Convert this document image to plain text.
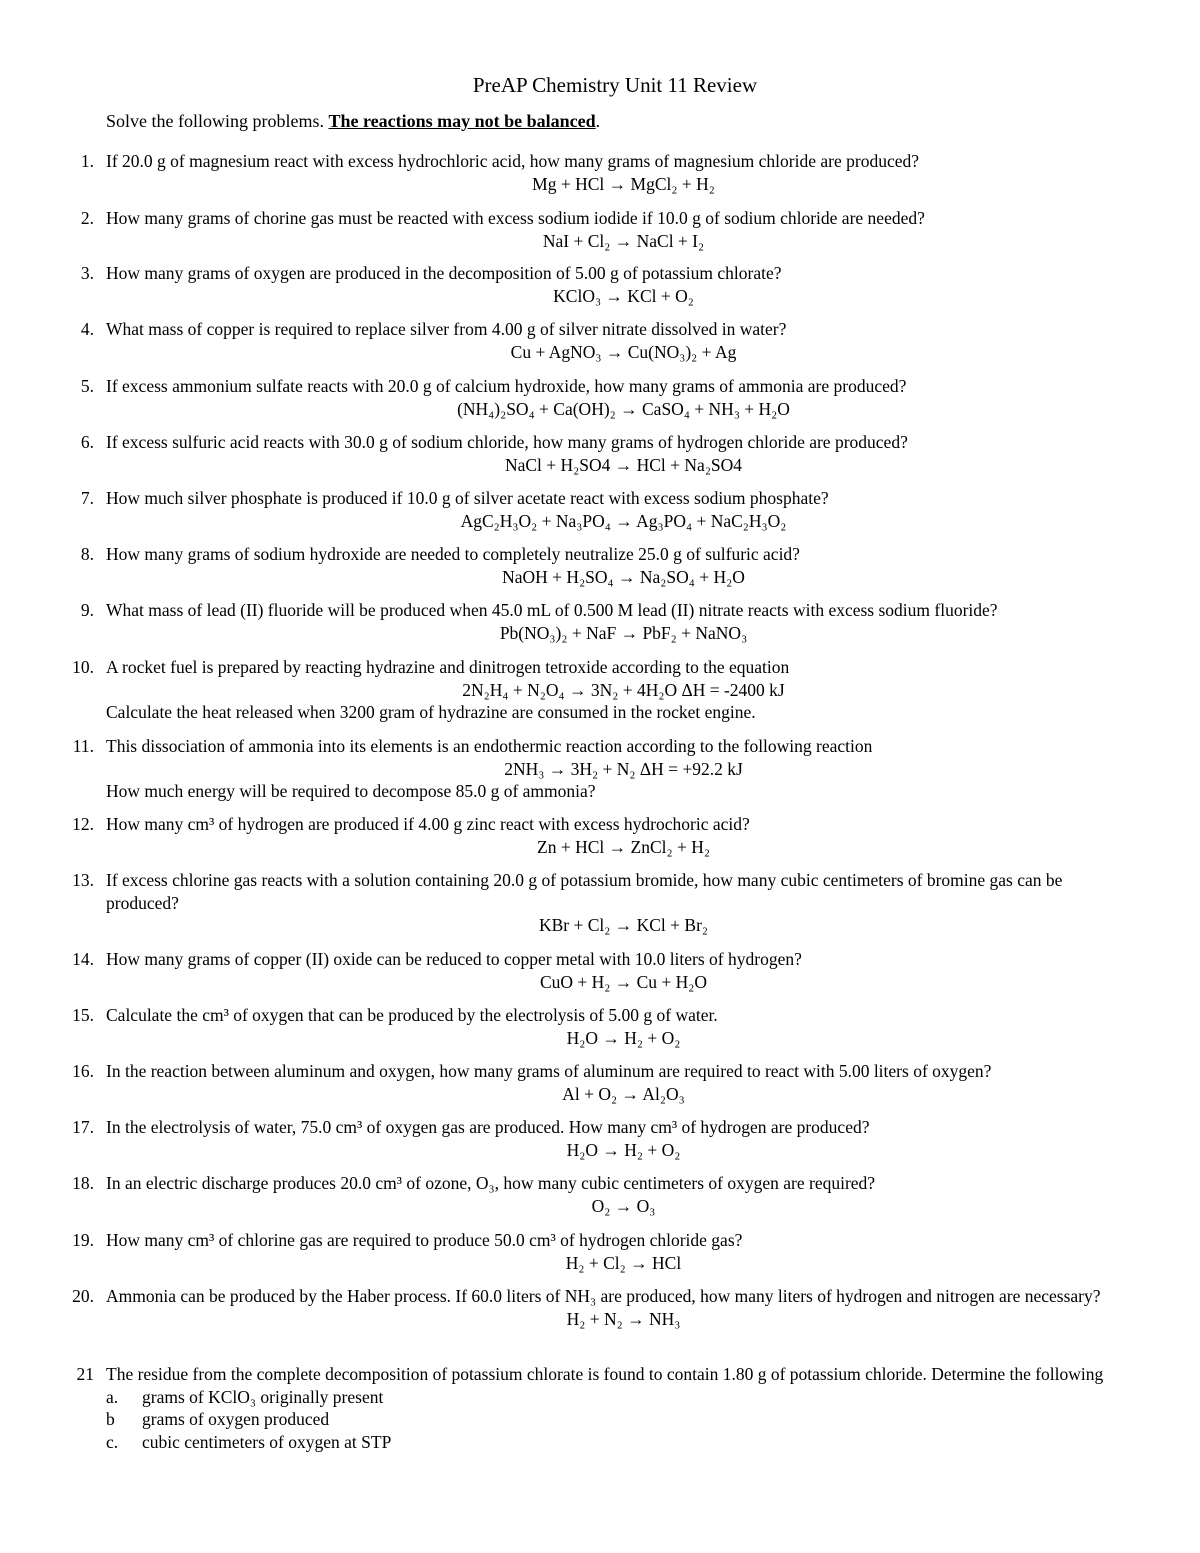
PreAP Chemistry Unit 11 Review
Solve the following problems. The reactions may not be balanced.
1. If 20.0 g of magnesium react with excess hydrochloric acid, how many grams of magnesium chloride are produced?

Mg + HCl → MgCl₂ + H₂
2. How many grams of chorine gas must be reacted with excess sodium iodide if 10.0 g of sodium chloride are needed?

NaI + Cl₂ → NaCl + I₂
3. How many grams of oxygen are produced in the decomposition of 5.00 g of potassium chlorate?

KClO₃ → KCl + O₂
4. What mass of copper is required to replace silver from 4.00 g of silver nitrate dissolved in water?

Cu + AgNO₃ → Cu(NO₃)₂ + Ag
5. If excess ammonium sulfate reacts with 20.0 g of calcium hydroxide, how many grams of ammonia are produced?

(NH₄)₂SO₄ + Ca(OH)₂ → CaSO₄ + NH₃ + H₂O
6. If excess sulfuric acid reacts with 30.0 g of sodium chloride, how many grams of hydrogen chloride are produced?

NaCl + H₂SO4 → HCl + Na₂SO4
7. How much silver phosphate is produced if 10.0 g of silver acetate react with excess sodium phosphate?

AgC₂H₃O₂ + Na₃PO₄ → Ag₃PO₄ + NaC₂H₃O₂
8. How many grams of sodium hydroxide are needed to completely neutralize 25.0 g of sulfuric acid?

NaOH + H₂SO₄ → Na₂SO₄ + H₂O
9. What mass of lead (II) fluoride will be produced when 45.0 mL of 0.500 M lead (II) nitrate reacts with excess sodium fluoride?

Pb(NO₃)₂ + NaF → PbF₂ + NaNO₃
10. A rocket fuel is prepared by reacting hydrazine and dinitrogen tetroxide according to the equation

2N₂H₄ + N₂O₄ → 3N₂ + 4H₂O ΔH = -2400 kJ

Calculate the heat released when 3200 gram of hydrazine are consumed in the rocket engine.

11. This dissociation of ammonia into its elements is an endothermic reaction according to the following reaction

2NH₃ → 3H₂ + N₂ ΔH = +92.2 kJ

How much energy will be required to decompose 85.0 g of ammonia?

12. How many cm³ of hydrogen are produced if 4.00 g zinc react with excess hydrochoric acid?

Zn + HCl → ZnCl₂ + H₂
13. If excess chlorine gas reacts with a solution containing 20.0 g of potassium bromide, how many cubic centimeters of bromine gas can be produced?

KBr + Cl₂ → KCl + Br₂
14. How many grams of copper (II) oxide can be reduced to copper metal with 10.0 liters of hydrogen?

CuO + H₂ → Cu + H₂O
15. Calculate the cm³ of oxygen that can be produced by the electrolysis of 5.00 g of water.

H₂O → H₂ + O₂
16. In the reaction between aluminum and oxygen, how many grams of aluminum are required to react with 5.00 liters of oxygen?

Al + O₂ → Al₂O₃
17. In the electrolysis of water, 75.0 cm³ of oxygen gas are produced. How many cm³ of hydrogen are produced?

H₂O → H₂ + O₂
18. In an electric discharge produces 20.0 cm³ of ozone, O₃, how many cubic centimeters of oxygen are required?

O₂ → O₃
19. How many cm³ of chlorine gas are required to produce 50.0 cm³ of hydrogen chloride gas?

H₂ + Cl₂ → HCl
20. Ammonia can be produced by the Haber process. If 60.0 liters of NH₃ are produced, how many liters of hydrogen and nitrogen are necessary?

H₂ + N₂ → NH₃
21 The residue from the complete decomposition of potassium chlorate is found to contain 1.80 g of potassium chloride. Determine the following

a. grams of KClO₃ originally present
b grams of oxygen produced
c. cubic centimeters of oxygen at STP
